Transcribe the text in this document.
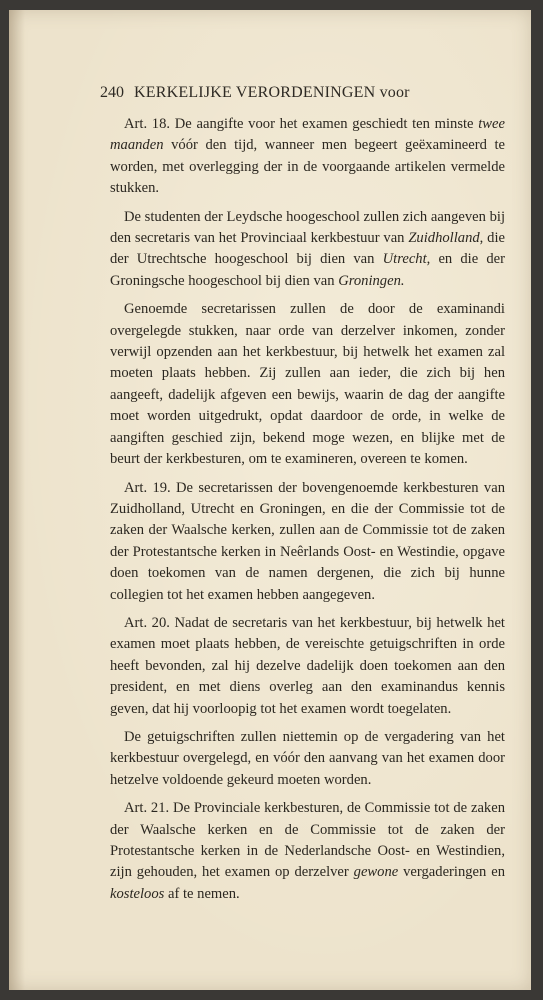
240 KERKELIJKE VERORDENINGEN voor

Art. 18. De aangifte voor het examen geschiedt ten minste twee maanden vóór den tijd, wanneer men begeert geëxamineerd te worden, met overlegging der in de voorgaande artikelen vermelde stukken.

De studenten der Leydsche hoogeschool zullen zich aangeven bij den secretaris van het Provinciaal kerkbestuur van Zuidholland, die der Utrechtsche hoogeschool bij dien van Utrecht, en die der Groningsche hoogeschool bij dien van Groningen.

Genoemde secretarissen zullen de door de examinandi overgelegde stukken, naar orde van derzelver inkomen, zonder verwijl opzenden aan het kerkbestuur, bij hetwelk het examen zal moeten plaats hebben. Zij zullen aan ieder, die zich bij hen aangeeft, dadelijk afgeven een bewijs, waarin de dag der aangifte moet worden uitgedrukt, opdat daardoor de orde, in welke de aangiften geschied zijn, bekend moge wezen, en blijke met de beurt der kerkbesturen, om te examineren, overeen te komen.

Art. 19. De secretarissen der bovengenoemde kerkbesturen van Zuidholland, Utrecht en Groningen, en die der Commissie tot de zaken der Waalsche kerken, zullen aan de Commissie tot de zaken der Protestantsche kerken in Neêrlands Oost- en Westindie, opgave doen toekomen van de namen dergenen, die zich bij hunne collegien tot het examen hebben aangegeven.

Art. 20. Nadat de secretaris van het kerkbestuur, bij hetwelk het examen moet plaats hebben, de vereischte getuigschriften in orde heeft bevonden, zal hij dezelve dadelijk doen toekomen aan den president, en met diens overleg aan den examinandus kennis geven, dat hij voorloopig tot het examen wordt toegelaten.

De getuigschriften zullen niettemin op de vergadering van het kerkbestuur overgelegd, en vóór den aanvang van het examen door hetzelve voldoende gekeurd moeten worden.

Art. 21. De Provinciale kerkbesturen, de Commissie tot de zaken der Waalsche kerken en de Commissie tot de zaken der Protestantsche kerken in de Nederlandsche Oost- en Westindien, zijn gehouden, het examen op derzelver gewone vergaderingen en kosteloos af te nemen.
